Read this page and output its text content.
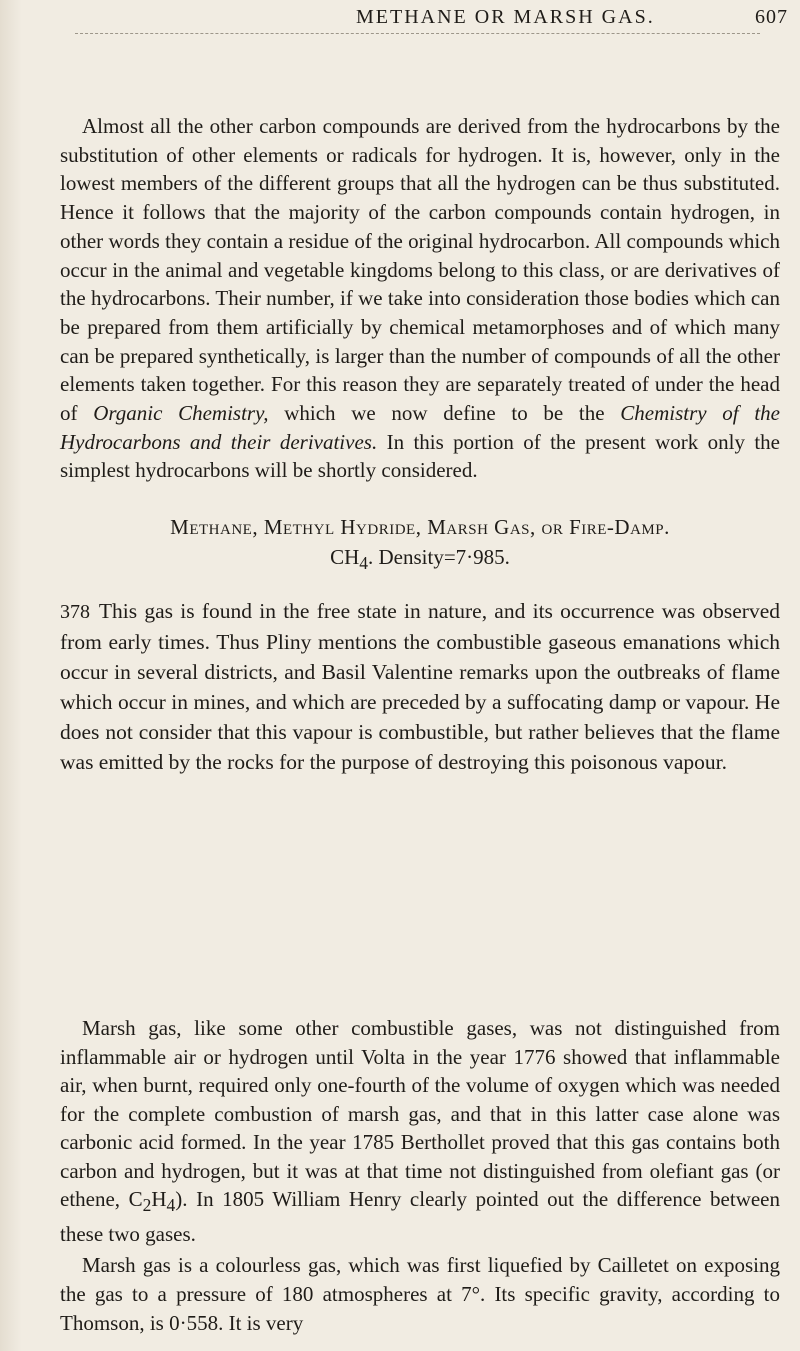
METHANE OR MARSH GAS.	607

Almost all the other carbon compounds are derived from the hydrocarbons by the substitution of other elements or radicals for hydrogen. It is, however, only in the lowest members of the different groups that all the hydrogen can be thus substituted. Hence it follows that the majority of the carbon compounds contain hydrogen, in other words they contain a residue of the original hydrocarbon. All compounds which occur in the animal and vegetable kingdoms belong to this class, or are derivatives of the hydrocarbons. Their number, if we take into consideration those bodies which can be prepared from them artificially by chemical metamorphoses and of which many can be prepared synthetically, is larger than the number of compounds of all the other elements taken together. For this reason they are separately treated of under the head of Organic Chemistry, which we now define to be the Chemistry of the Hydrocarbons and their derivatives. In this portion of the present work only the simplest hydrocarbons will be shortly considered.

Methane, Methyl Hydride, Marsh Gas, or Fire-Damp.
$CH_4$. Density=7·985.

378 This gas is found in the free state in nature, and its occurrence was observed from early times. Thus Pliny mentions the combustible gaseous emanations which occur in several districts, and Basil Valentine remarks upon the outbreaks of flame which occur in mines, and which are preceded by a suffocating damp or vapour. He does not consider that this vapour is combustible, but rather believes that the flame was emitted by the rocks for the purpose of destroying this poisonous vapour.

Marsh gas, like some other combustible gases, was not distinguished from inflammable air or hydrogen until Volta in the year 1776 showed that inflammable air, when burnt, required only one-fourth of the volume of oxygen which was needed for the complete combustion of marsh gas, and that in this latter case alone was carbonic acid formed. In the year 1785 Berthollet proved that this gas contains both carbon and hydrogen, but it was at that time not distinguished from olefiant gas (or ethene, $C_2H_4$). In 1805 William Henry clearly pointed out the difference between these two gases.

Marsh gas is a colourless gas, which was first liquefied by Cailletet on exposing the gas to a pressure of 180 atmospheres at 7°. Its specific gravity, according to Thomson, is 0·558. It is very
